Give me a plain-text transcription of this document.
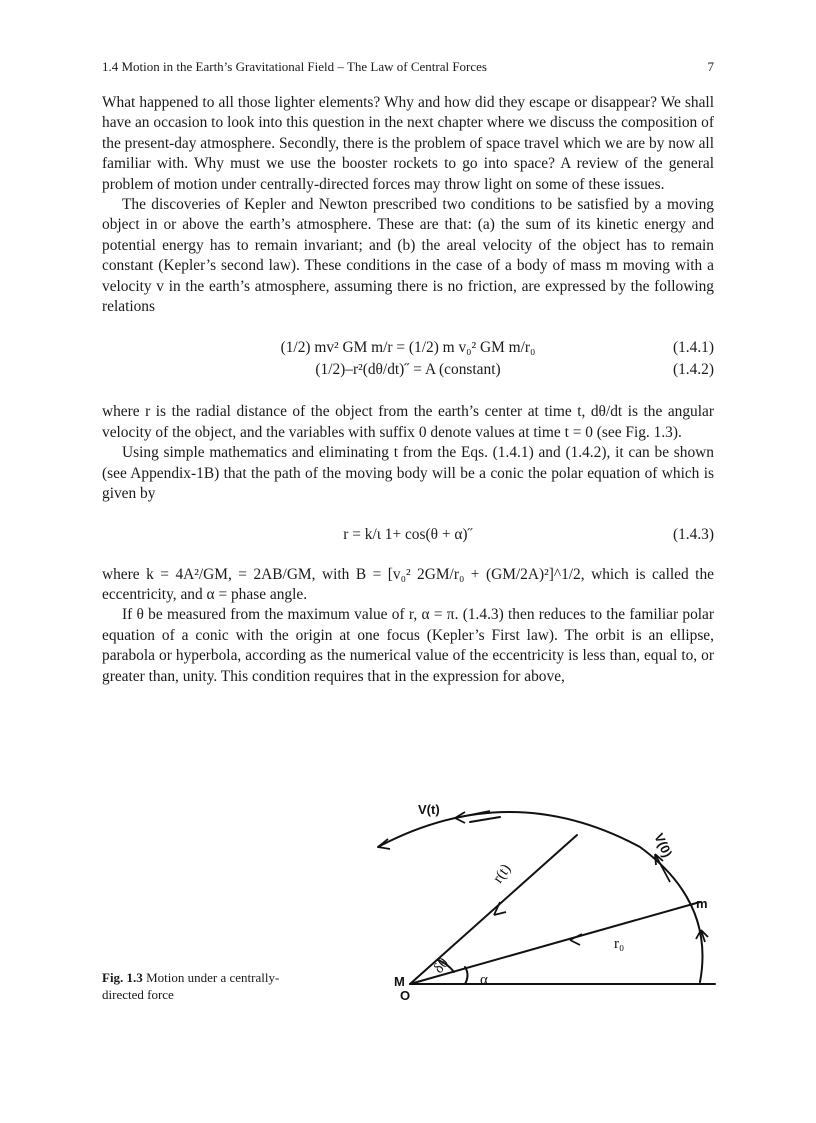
1.4 Motion in the Earth’s Gravitational Field – The Law of Central Forces	7

What happened to all those lighter elements? Why and how did they escape or disappear? We shall have an occasion to look into this question in the next chapter where we discuss the composition of the present-day atmosphere. Secondly, there is the problem of space travel which we are by now all familiar with. Why must we use the booster rockets to go into space? A review of the general problem of motion under centrally-directed forces may throw light on some of these issues.

The discoveries of Kepler and Newton prescribed two conditions to be satisfied by a moving object in or above the earth’s atmosphere. These are that: (a) the sum of its kinetic energy and potential energy has to remain invariant; and (b) the areal velocity of the object has to remain constant (Kepler’s second law). These conditions in the case of a body of mass m moving with a velocity v in the earth’s atmosphere, assuming there is no friction, are expressed by the following relations

(1/2) mv² GM m/r = (1/2) m v₀² GM m/r₀	(1.4.1)
(1/2)–r²(dθ/dt)˝ = A (constant)	(1.4.2)

where r is the radial distance of the object from the earth’s center at time t, dθ/dt is the angular velocity of the object, and the variables with suffix 0 denote values at time t = 0 (see Fig. 1.3).

Using simple mathematics and eliminating t from the Eqs. (1.4.1) and (1.4.2), it can be shown (see Appendix-1B) that the path of the moving body will be a conic the polar equation of which is given by

r = k/ɩ 1+ cos(θ + α)˝	(1.4.3)

where k = 4A²/GM, = 2AB/GM, with B = [v₀² 2GM/r₀ + (GM/2A)²]^1/2, which is called the eccentricity, and α = phase angle.

If θ be measured from the maximum value of r, α = π. (1.4.3) then reduces to the familiar polar equation of a conic with the origin at one focus (Kepler’s First law). The orbit is an ellipse, parabola or hyperbola, according as the numerical value of the eccentricity is less than, equal to, or greater than, unity. This condition requires that in the expression for above,

Fig. 1.3 Motion under a centrally-directed force
V(t)
m
M
O
V(0)
r(t)
r₀
δθ
α
